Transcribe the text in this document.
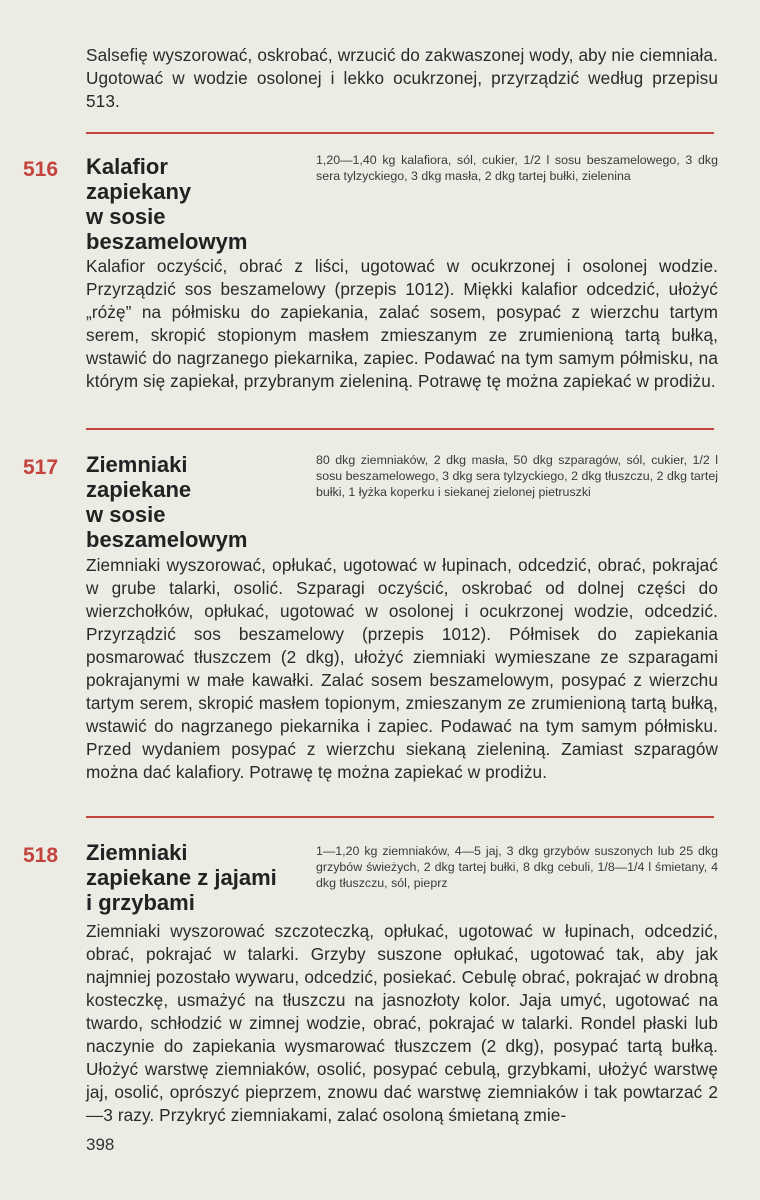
Salsefię wyszorować, oskrobać, wrzucić do zakwaszonej wody, aby nie ciemniała. Ugotować w wodzie osolonej i lekko ocukrzonej, przyrządzić według przepisu 513.

516 Kalafior
zapiekany
w sosie
beszamelowym

1,20—1,40 kg kalafiora, sól, cukier, 1/2 l sosu beszamelowego, 3 dkg sera tylzyckiego, 3 dkg masła, 2 dkg tartej bułki, zielenina

Kalafior oczyścić, obrać z liści, ugotować w ocukrzonej i osolonej wodzie. Przyrządzić sos beszamelowy (przepis 1012). Miękki kalafior odcedzić, ułożyć „różę” na półmisku do zapiekania, zalać sosem, posypać z wierzchu tartym serem, skropić stopionym masłem zmieszanym ze zrumienioną tartą bułką, wstawić do nagrzanego piekarnika, zapiec. Podawać na tym samym półmisku, na którym się zapiekał, przybranym zieleniną. Potrawę tę można zapiekać w prodiżu.

517 Ziemniaki
zapiekane
w sosie
beszamelowym

80 dkg ziemniaków, 2 dkg masła, 50 dkg szparagów, sól, cukier, 1/2 l sosu beszamelowego, 3 dkg sera tylzyckiego, 2 dkg tłuszczu, 2 dkg tartej bułki, 1 łyżka koperku i siekanej zielonej pietruszki

Ziemniaki wyszorować, opłukać, ugotować w łupinach, odcedzić, obrać, pokrajać w grube talarki, osolić. Szparagi oczyścić, oskrobać od dolnej części do wierzchołków, opłukać, ugotować w osolonej i ocukrzonej wodzie, odcedzić. Przyrządzić sos beszamelowy (przepis 1012). Półmisek do zapiekania posmarować tłuszczem (2 dkg), ułożyć ziemniaki wymieszane ze szparagami pokrajanymi w małe kawałki. Zalać sosem beszamelowym, posypać z wierzchu tartym serem, skropić masłem topionym, zmieszanym ze zrumienioną tartą bułką, wstawić do nagrzanego piekarnika i zapiec. Podawać na tym samym półmisku. Przed wydaniem posypać z wierzchu siekaną zieleniną. Zamiast szparagów można dać kalafiory. Potrawę tę można zapiekać w prodiżu.

518 Ziemniaki
zapiekane z jajami
i grzybami

1—1,20 kg ziemniaków, 4—5 jaj, 3 dkg grzybów suszonych lub 25 dkg grzybów świeżych, 2 dkg tartej bułki, 8 dkg cebuli, 1/8—1/4 l śmietany, 4 dkg tłuszczu, sól, pieprz

Ziemniaki wyszorować szczoteczką, opłukać, ugotować w łupinach, odcedzić, obrać, pokrajać w talarki. Grzyby suszone opłukać, ugotować tak, aby jak najmniej pozostało wywaru, odcedzić, posiekać. Cebulę obrać, pokrajać w drobną kosteczkę, usmażyć na tłuszczu na jasnozłoty kolor. Jaja umyć, ugotować na twardo, schłodzić w zimnej wodzie, obrać, pokrajać w talarki. Rondel płaski lub naczynie do zapiekania wysmarować tłuszczem (2 dkg), posypać tartą bułką. Ułożyć warstwę ziemniaków, osolić, posypać cebulą, grzybkami, ułożyć warstwę jaj, osolić, oprószyć pieprzem, znowu dać warstwę ziemniaków i tak powtarzać 2—3 razy. Przykryć ziemniakami, zalać osoloną śmietaną zmie-

398
